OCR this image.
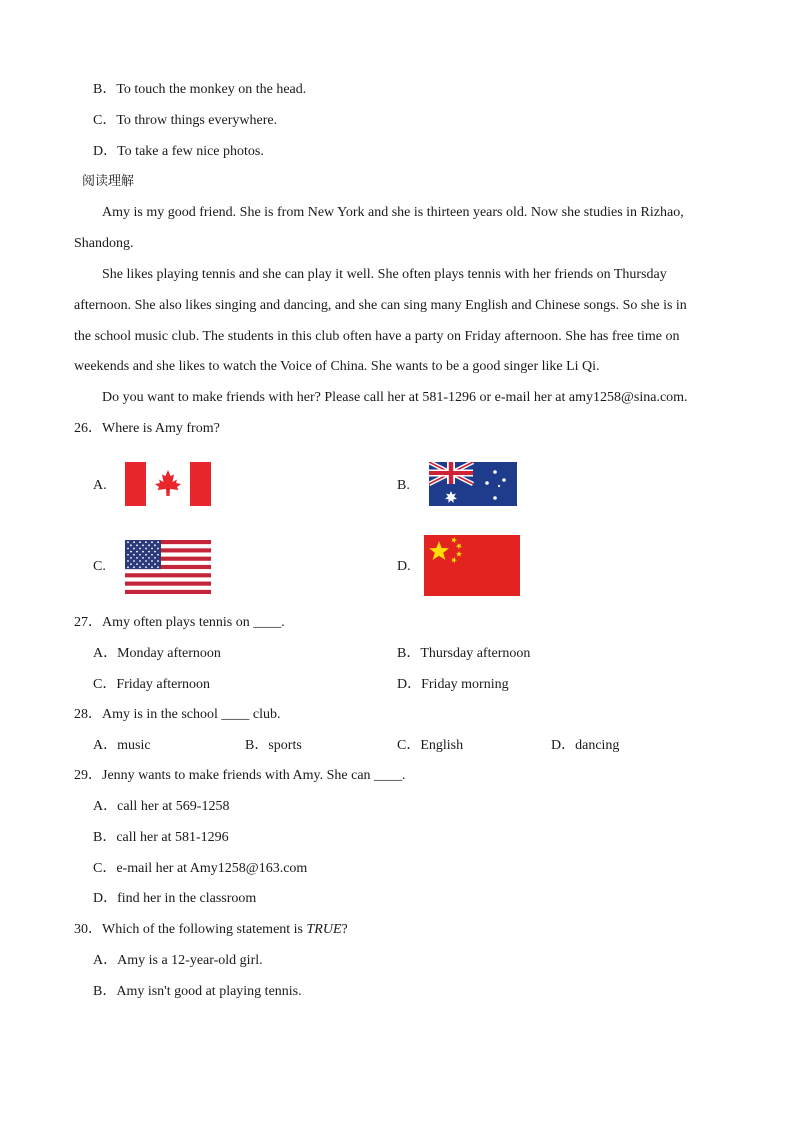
B．To touch the monkey on the head.
C．To throw things everywhere.
D．To take a few nice photos.
阅读理解
Amy is my good friend. She is from New York and she is thirteen years old. Now she studies in Rizhao,
Shandong.
She likes playing tennis and she can play it well. She often plays tennis with her friends on Thursday
afternoon. She also likes singing and dancing, and she can sing many English and Chinese songs. So she is in
the school music club. The students in this club often have a party on Friday afternoon. She has free time on
weekends and she likes to watch the Voice of China. She wants to be a good singer like Li Qi.
Do you want to make friends with her? Please call her at 581-1296 or e-mail her at amy1258@sina.com.
26．Where is Amy from?
A.	B.
C.	D.
27．Amy often plays tennis on ____.
A．Monday afternoon	B．Thursday afternoon
C．Friday afternoon	D．Friday morning
28．Amy is in the school ____ club.
A．music	B．sports	C．English	D．dancing
29．Jenny wants to make friends with Amy. She can ____.
A．call her at 569-1258
B．call her at 581-1296
C．e-mail her at Amy1258@163.com
D．find her in the classroom
30．Which of the following statement is TRUE?
A．Amy is a 12-year-old girl.
B．Amy isn't good at playing tennis.
